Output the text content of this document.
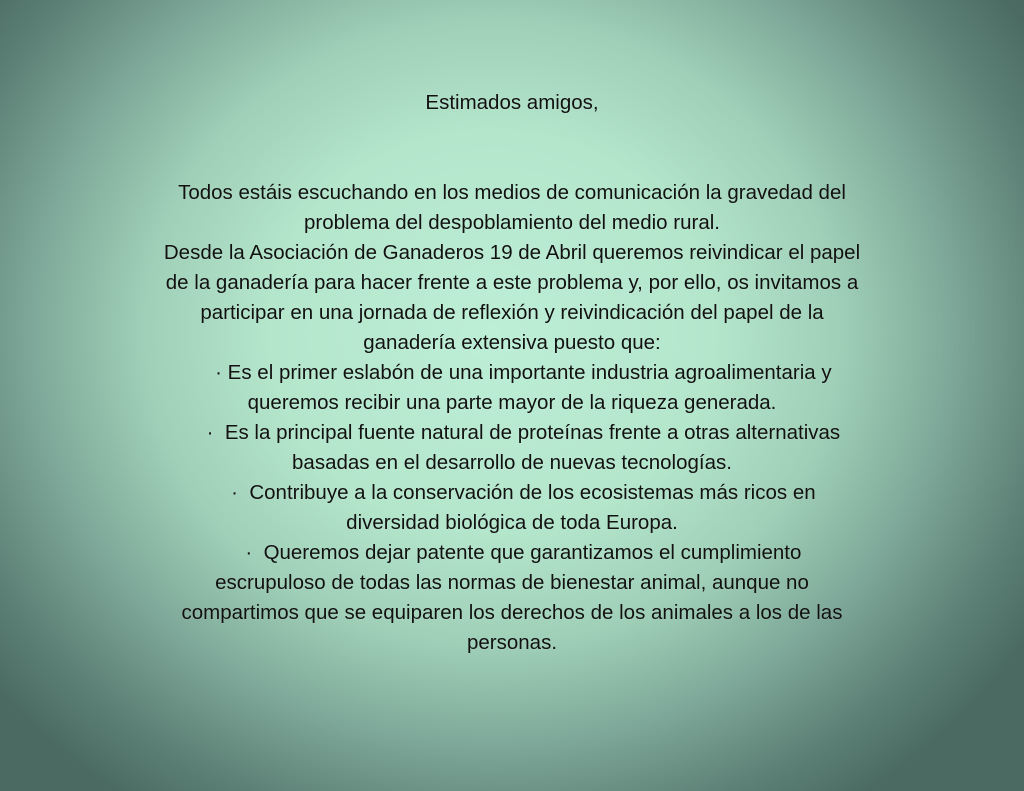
Estimados amigos,
Todos estáis escuchando en los medios de comunicación la gravedad del
problema del despoblamiento del medio rural.
Desde la Asociación de Ganaderos 19 de Abril queremos reivindicar el papel
de la ganadería para hacer frente a este problema y, por ello, os invitamos a
participar en una jornada de reflexión y reivindicación del papel de la
ganadería extensiva puesto que:
· Es el primer eslabón de una importante industria agroalimentaria y
queremos recibir una parte mayor de la riqueza generada.
·  Es la principal fuente natural de proteínas frente a otras alternativas
basadas en el desarrollo de nuevas tecnologías.
·  Contribuye a la conservación de los ecosistemas más ricos en
diversidad biológica de toda Europa.
·  Queremos dejar patente que garantizamos el cumplimiento
escrupuloso de todas las normas de bienestar animal, aunque no
compartimos que se equiparen los derechos de los animales a los de las
personas.
